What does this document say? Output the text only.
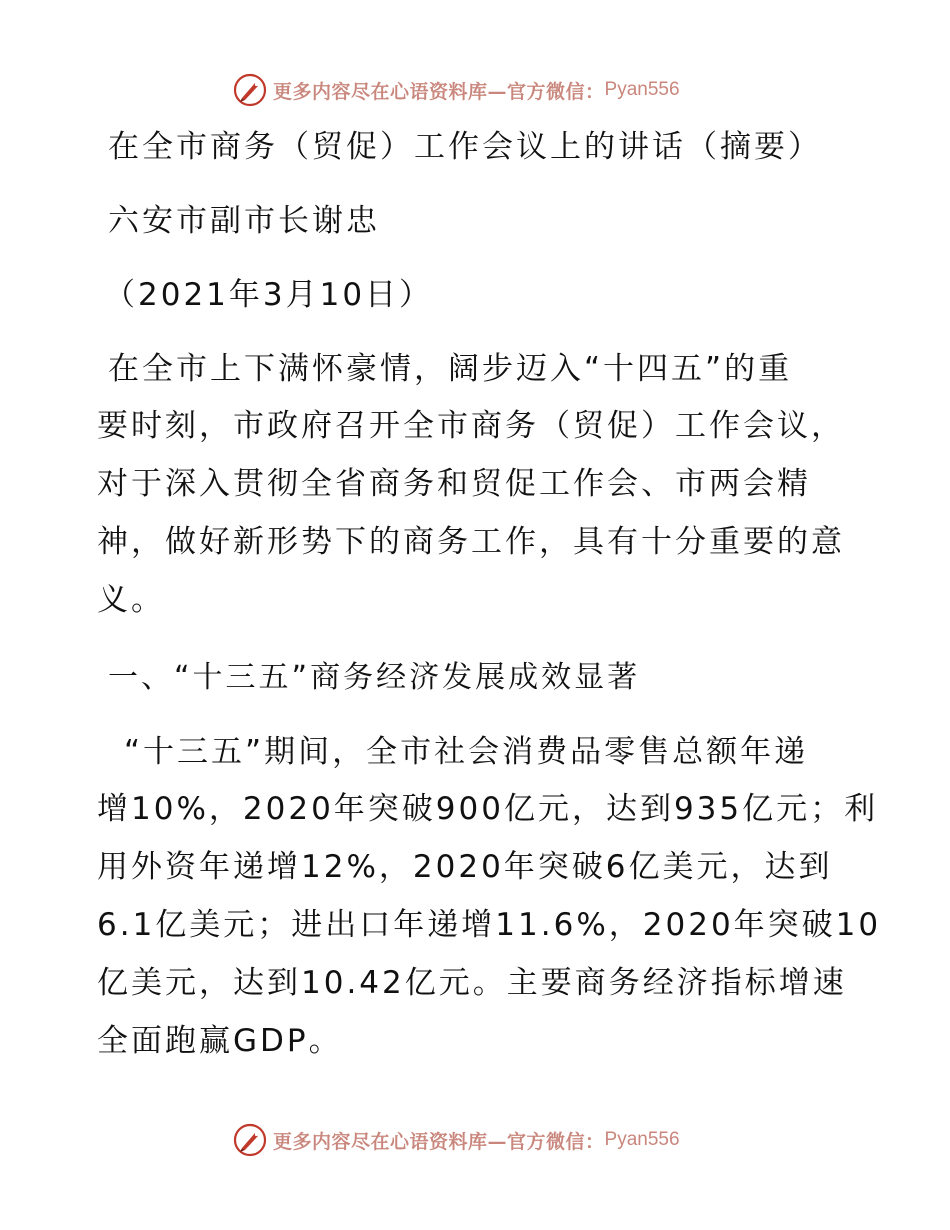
更多内容尽在心语资料库—官方微信： Pyan556
在全市商务（贸促）工作会议上的讲话（摘要）
六安市副市长谢忠
（2021年3月10日）
在全市上下满怀豪情，阔步迈入“十四五”的重
要时刻，市政府召开全市商务（贸促）工作会议，
对于深入贯彻全省商务和贸促工作会、市两会精
神，做好新形势下的商务工作，具有十分重要的意
义。
一、“十三五”商务经济发展成效显著
“十三五”期间，全市社会消费品零售总额年递
增10%，2020年突破900亿元，达到935亿元；利
用外资年递增12%，2020年突破6亿美元，达到
6.1亿美元；进出口年递增11.6%，2020年突破10
亿美元，达到10.42亿元。主要商务经济指标增速
全面跑赢GDP。
更多内容尽在心语资料库—官方微信： Pyan556
